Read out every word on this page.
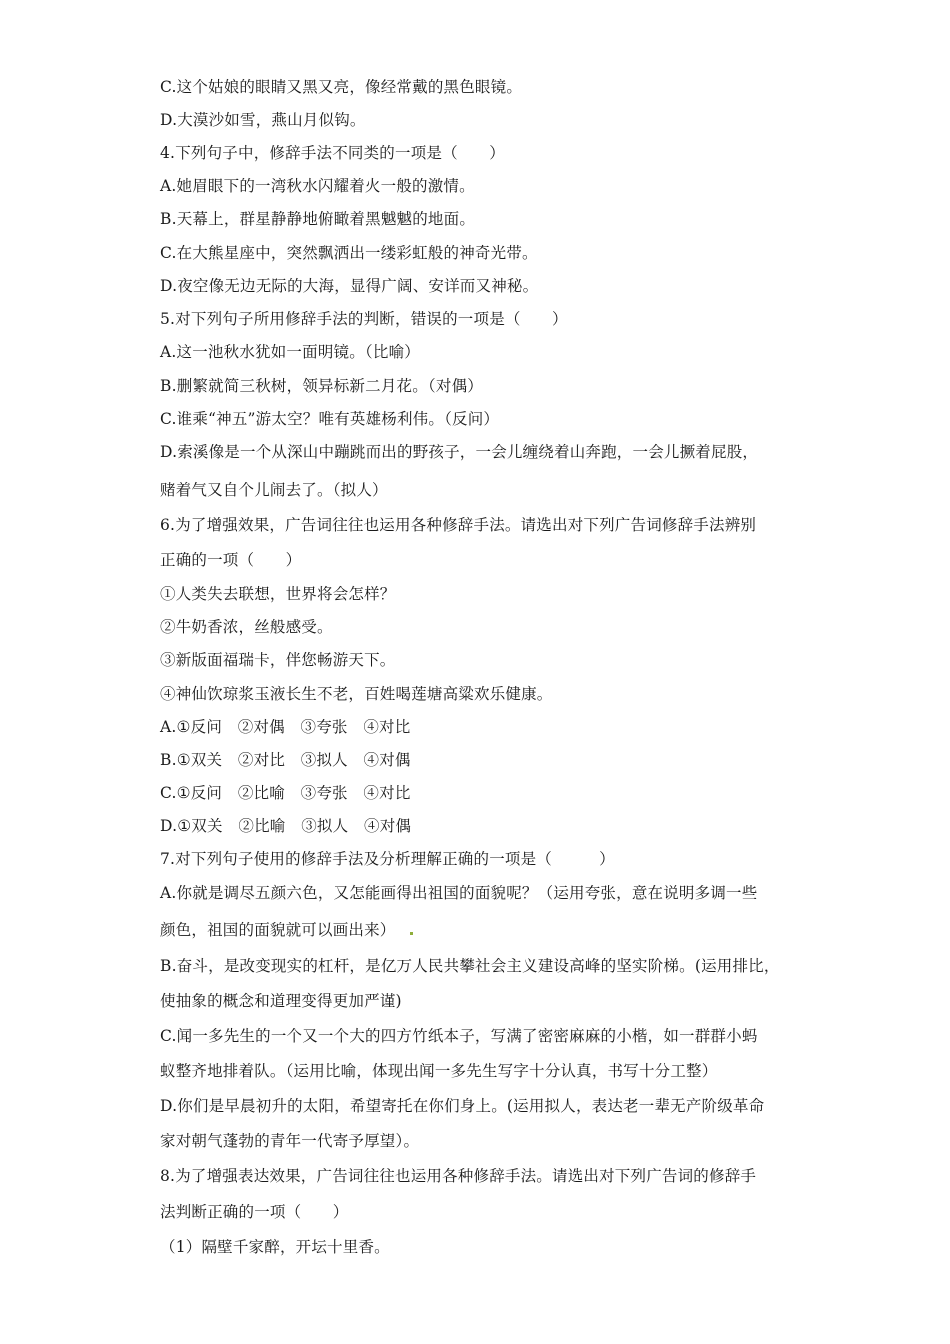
C.这个姑娘的眼睛又黑又亮，像经常戴的黑色眼镜。
D.大漠沙如雪，燕山月似钩。
4.下列句子中，修辞手法不同类的一项是（　　）
A.她眉眼下的一湾秋水闪耀着火一般的激情。
B.天幕上，群星静静地俯瞰着黑魆魆的地面。
C.在大熊星座中，突然飘洒出一缕彩虹般的神奇光带。
D.夜空像无边无际的大海，显得广阔、安详而又神秘。
5.对下列句子所用修辞手法的判断，错误的一项是（　　）
A.这一池秋水犹如一面明镜。（比喻）
B.删繁就简三秋树，领异标新二月花。（对偶）
C.谁乘“神五”游太空？唯有英雄杨利伟。（反问）
D.索溪像是一个从深山中蹦跳而出的野孩子，一会儿缠绕着山奔跑，一会儿撅着屁股，
赌着气又自个儿闹去了。（拟人）
6.为了增强效果，广告词往往也运用各种修辞手法。请选出对下列广告词修辞手法辨别
正确的一项（　　）
①人类失去联想，世界将会怎样？
②牛奶香浓，丝般感受。
③新版面福瑞卡，伴您畅游天下。
④神仙饮琼浆玉液长生不老，百姓喝莲塘高粱欢乐健康。
A.①反问　②对偶　③夸张　④对比
B.①双关　②对比　③拟人　④对偶
C.①反问　②比喻　③夸张　④对比
D.①双关　②比喻　③拟人　④对偶
7.对下列句子使用的修辞手法及分析理解正确的一项是（　　　）
A.你就是调尽五颜六色，又怎能画得出祖国的面貌呢？（运用夸张，意在说明多调一些
颜色，祖国的面貌就可以画出来）
B.奋斗，是改变现实的杠杆，是亿万人民共攀社会主义建设高峰的坚实阶梯。(运用排比，
使抽象的概念和道理变得更加严谨)
C.闻一多先生的一个又一个大的四方竹纸本子，写满了密密麻麻的小楷，如一群群小蚂
蚁整齐地排着队。（运用比喻，体现出闻一多先生写字十分认真，书写十分工整）
D.你们是早晨初升的太阳，希望寄托在你们身上。(运用拟人，表达老一辈无产阶级革命
家对朝气蓬勃的青年一代寄予厚望）。
8.为了增强表达效果，广告词往往也运用各种修辞手法。请选出对下列广告词的修辞手
法判断正确的一项（　　）
（1）隔壁千家醉，开坛十里香。
